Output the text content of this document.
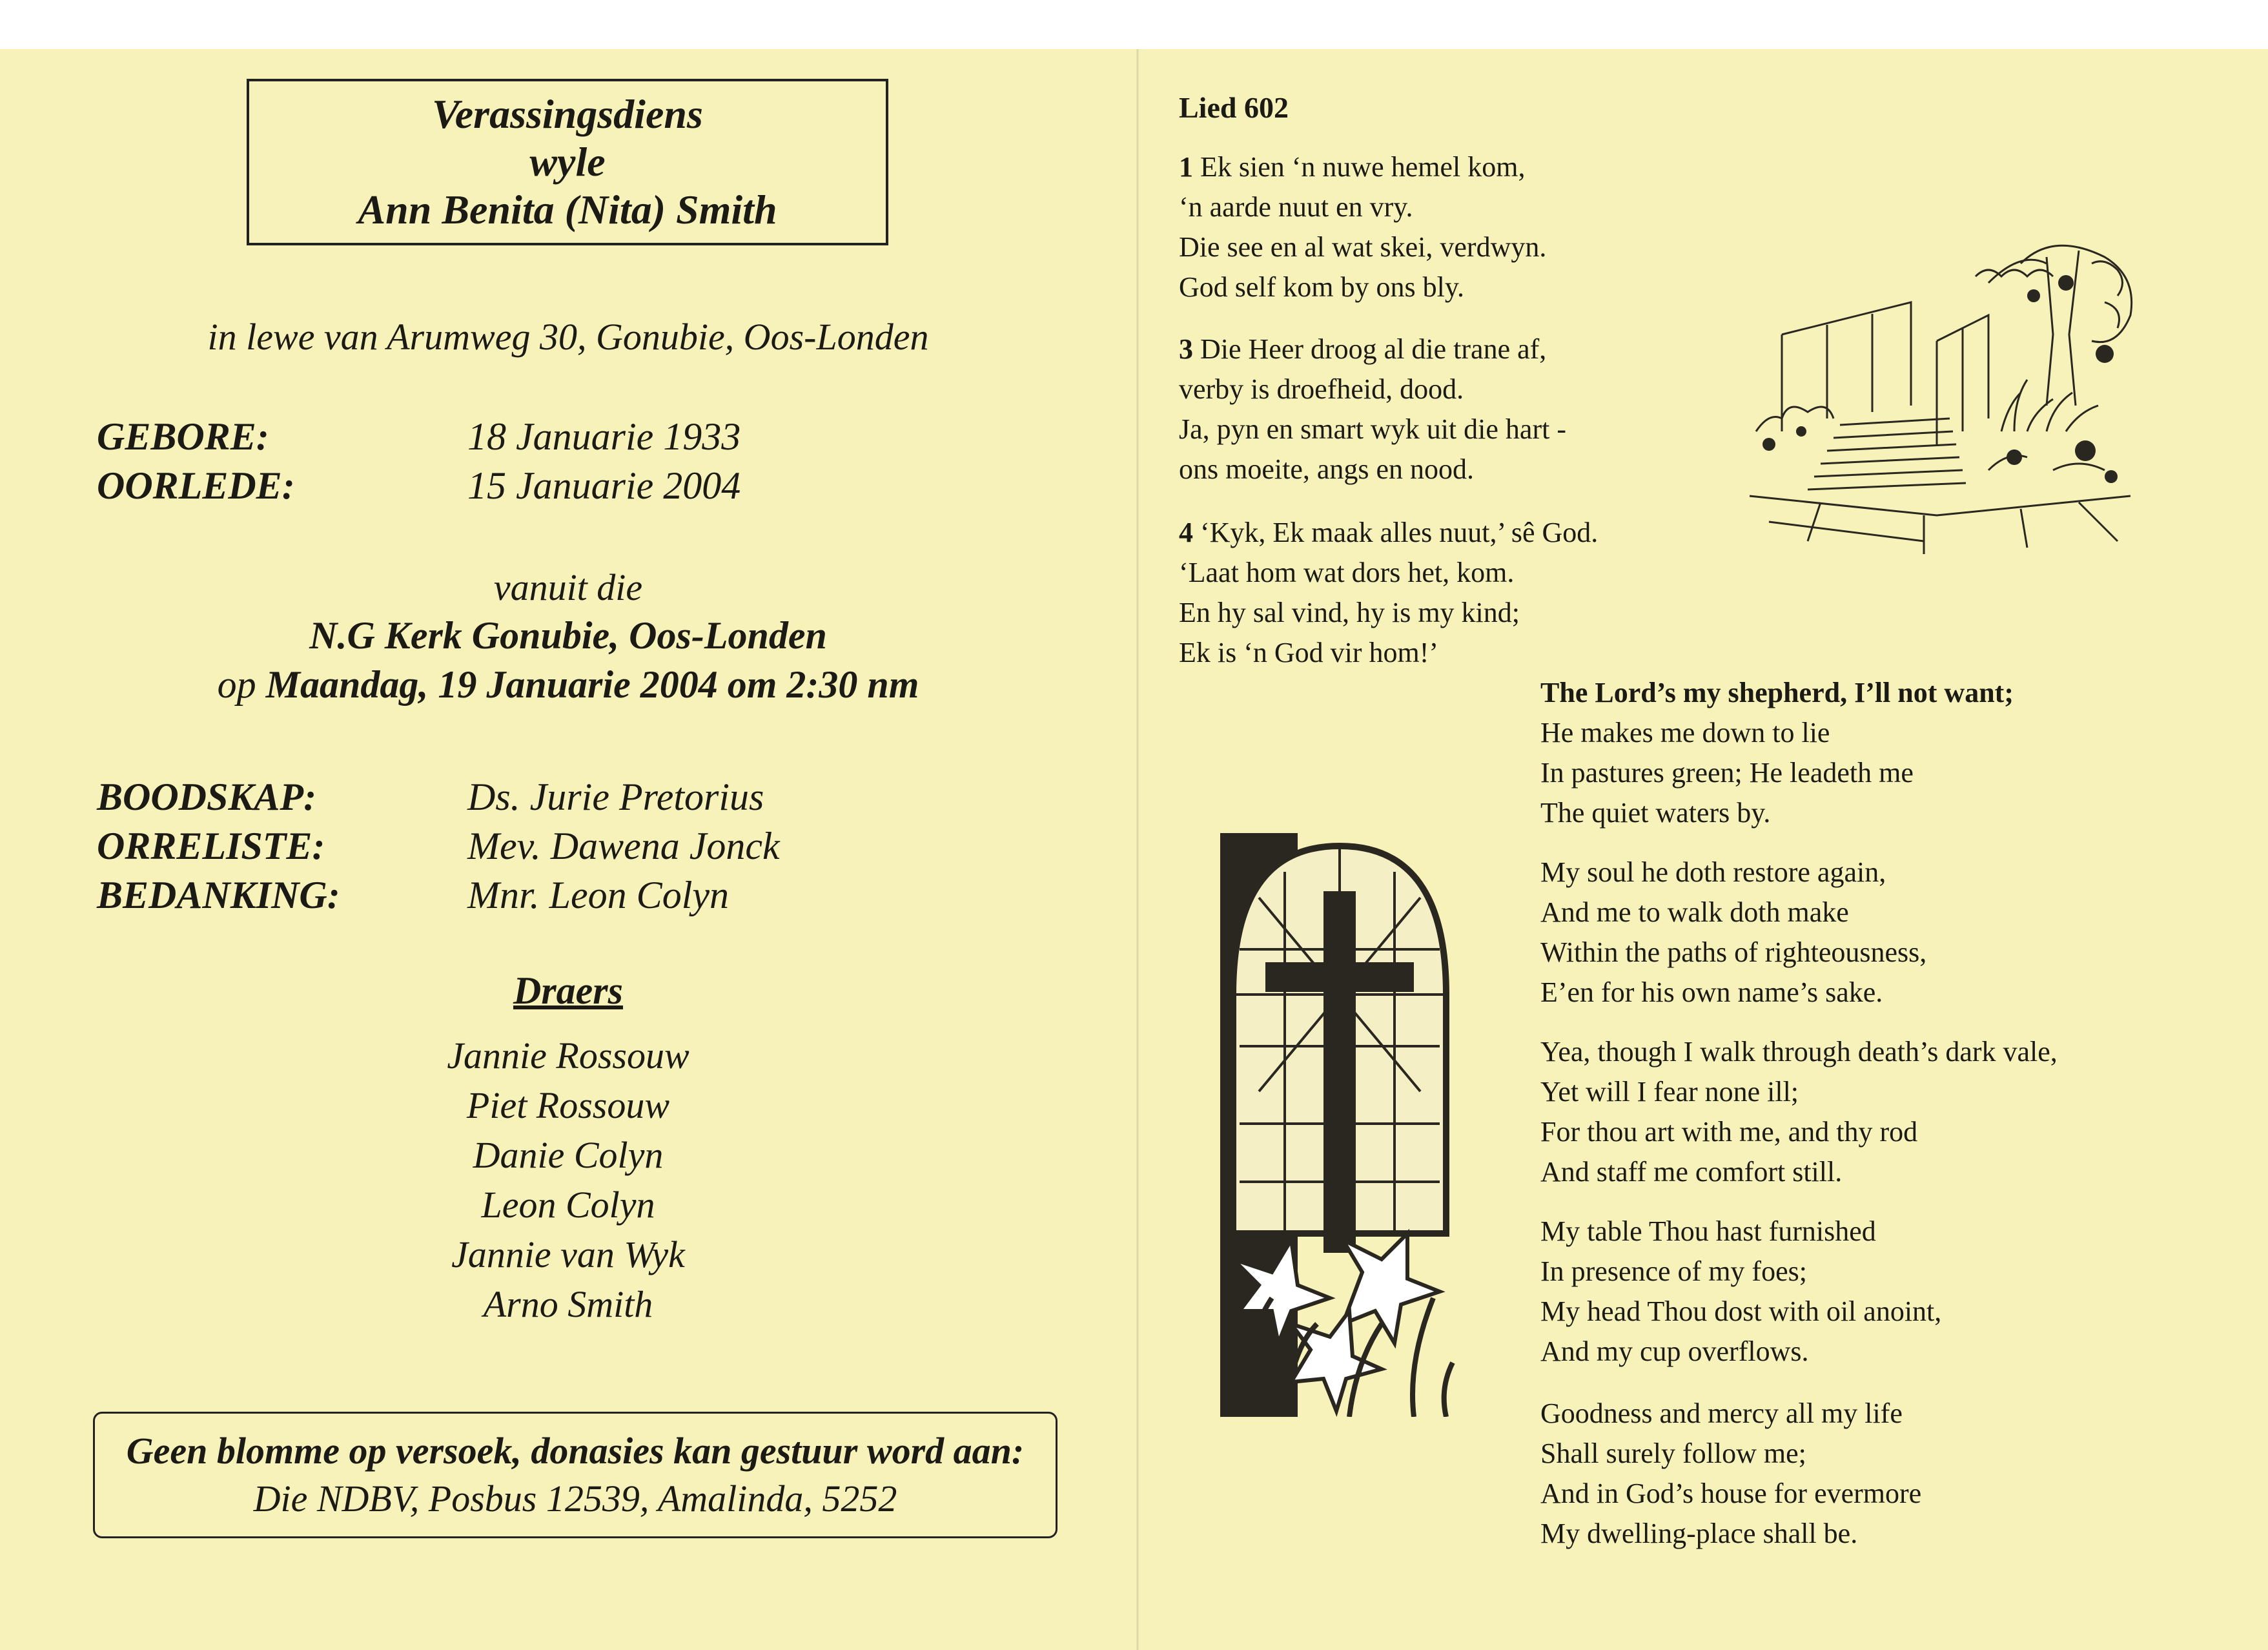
Verassingsdiens
wyle
Ann Benita (Nita) Smith
in lewe van Arumweg 30, Gonubie, Oos-Londen
GEBORE:	18 Januarie 1933
OORLEDE:	15 Januarie 2004
vanuit die
N.G Kerk Gonubie, Oos-Londen
op Maandag, 19 Januarie 2004 om 2:30 nm
BOODSKAP:	Ds. Jurie Pretorius
ORRELISTE:	Mev. Dawena Jonck
BEDANKING:	Mnr. Leon Colyn
Draers
Jannie Rossouw
Piet Rossouw
Danie Colyn
Leon Colyn
Jannie van Wyk
Arno Smith
Geen blomme op versoek, donasies kan gestuur word aan:
Die NDBV, Posbus 12539, Amalinda, 5252
Lied 602
1 Ek sien ‘n nuwe hemel kom,
‘n aarde nuut en vry.
Die see en al wat skei, verdwyn.
God self kom by ons bly.
3 Die Heer droog al die trane af,
verby is droefheid, dood.
Ja, pyn en smart wyk uit die hart -
ons moeite, angs en nood.
4 ‘Kyk, Ek maak alles nuut,’ sê God.
‘Laat hom wat dors het, kom.
En hy sal vind, hy is my kind;
Ek is ‘n God vir hom!’
The Lord’s my shepherd, I’ll not want;
He makes me down to lie
In pastures green; He leadeth me
The quiet waters by.
My soul he doth restore again,
And me to walk doth make
Within the paths of righteousness,
E’en for his own name’s sake.
Yea, though I walk through death’s dark vale,
Yet will I fear none ill;
For thou art with me, and thy rod
And staff me comfort still.
My table Thou hast furnished
In presence of my foes;
My head Thou dost with oil anoint,
And my cup overflows.
Goodness and mercy all my life
Shall surely follow me;
And in God’s house for evermore
My dwelling-place shall be.
